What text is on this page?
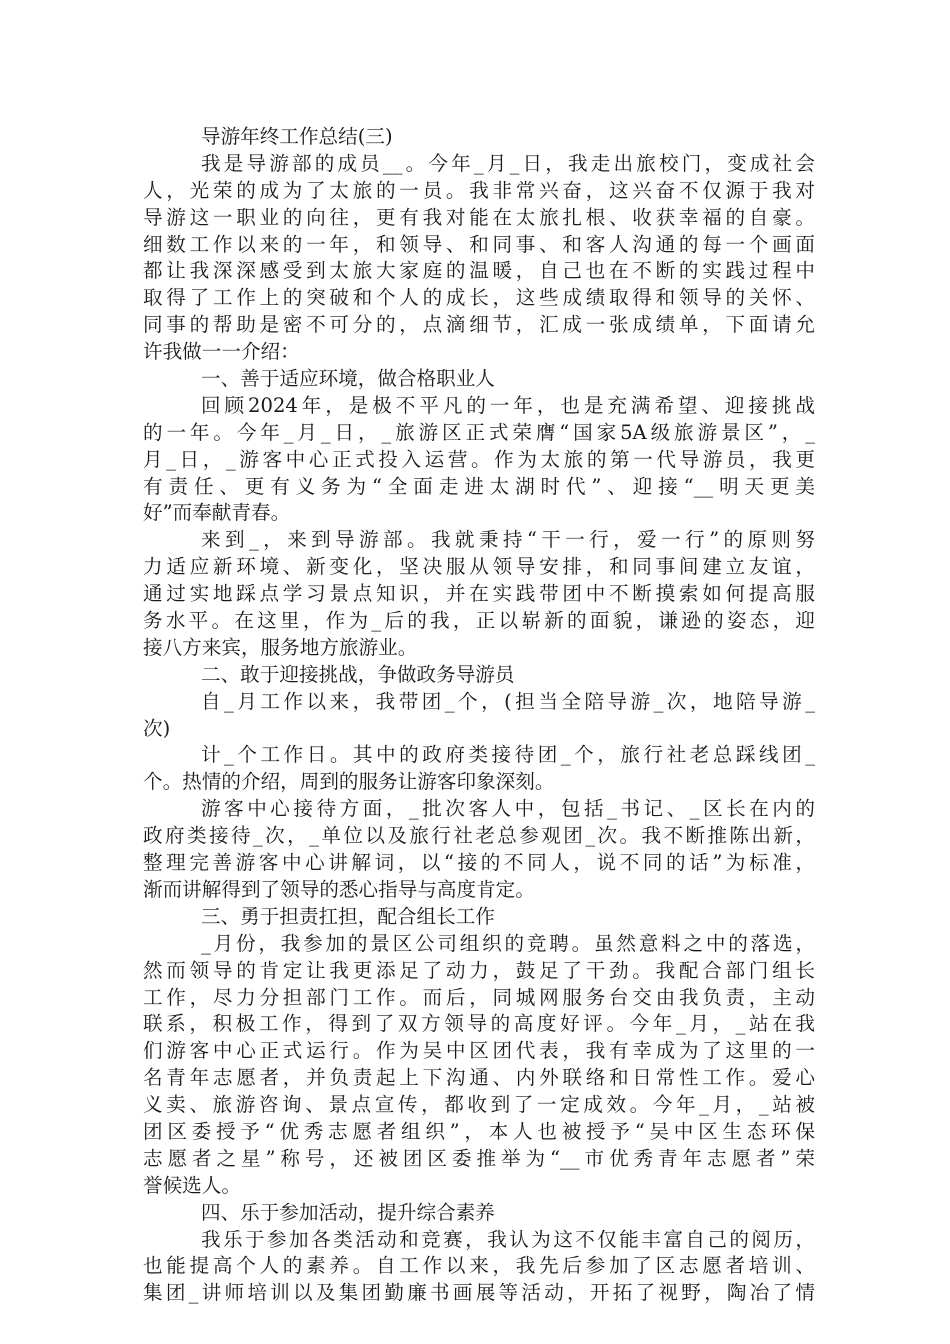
导游年终工作总结(三)
我是导游部的成员__。今年_月_日，我走出旅校门，变成社会
人，光荣的成为了太旅的一员。我非常兴奋，这兴奋不仅源于我对
导游这一职业的向往，更有我对能在太旅扎根、收获幸福的自豪。
细数工作以来的一年，和领导、和同事、和客人沟通的每一个画面
都让我深深感受到太旅大家庭的温暖，自己也在不断的实践过程中
取得了工作上的突破和个人的成长，这些成绩取得和领导的关怀、
同事的帮助是密不可分的，点滴细节，汇成一张成绩单，下面请允
许我做一一介绍：
一、善于适应环境，做合格职业人
回顾2024年，是极不平凡的一年，也是充满希望、迎接挑战
的一年。今年_月_日，_旅游区正式荣膺“国家5A级旅游景区”，_
月_日，_游客中心正式投入运营。作为太旅的第一代导游员，我更
有责任、更有义务为“全面走进太湖时代”、迎接“__明天更美
好”而奉献青春。
来到_，来到导游部。我就秉持“干一行，爱一行”的原则努
力适应新环境、新变化，坚决服从领导安排，和同事间建立友谊，
通过实地踩点学习景点知识，并在实践带团中不断摸索如何提高服
务水平。在这里，作为_后的我，正以崭新的面貌，谦逊的姿态，迎
接八方来宾，服务地方旅游业。
二、敢于迎接挑战，争做政务导游员
自_月工作以来，我带团_个，(担当全陪导游_次，地陪导游_
次)
计_个工作日。其中的政府类接待团_个，旅行社老总踩线团_
个。热情的介绍，周到的服务让游客印象深刻。
游客中心接待方面，_批次客人中，包括_书记、_区长在内的
政府类接待_次，_单位以及旅行社老总参观团_次。我不断推陈出新，
整理完善游客中心讲解词，以“接的不同人，说不同的话”为标准，
渐而讲解得到了领导的悉心指导与高度肯定。
三、勇于担责扛担，配合组长工作
_月份，我参加的景区公司组织的竞聘。虽然意料之中的落选，
然而领导的肯定让我更添足了动力，鼓足了干劲。我配合部门组长
工作，尽力分担部门工作。而后，同城网服务台交由我负责，主动
联系，积极工作，得到了双方领导的高度好评。今年_月，_站在我
们游客中心正式运行。作为吴中区团代表，我有幸成为了这里的一
名青年志愿者，并负责起上下沟通、内外联络和日常性工作。爱心
义卖、旅游咨询、景点宣传，都收到了一定成效。今年_月，_站被
团区委授予“优秀志愿者组织”，本人也被授予“吴中区生态环保
志愿者之星”称号，还被团区委推举为“__市优秀青年志愿者”荣
誉候选人。
四、乐于参加活动，提升综合素养
我乐于参加各类活动和竞赛，我认为这不仅能丰富自己的阅历，
也能提高个人的素养。自工作以来，我先后参加了区志愿者培训、
集团_讲师培训以及集团勤廉书画展等活动，开拓了视野，陶冶了情
